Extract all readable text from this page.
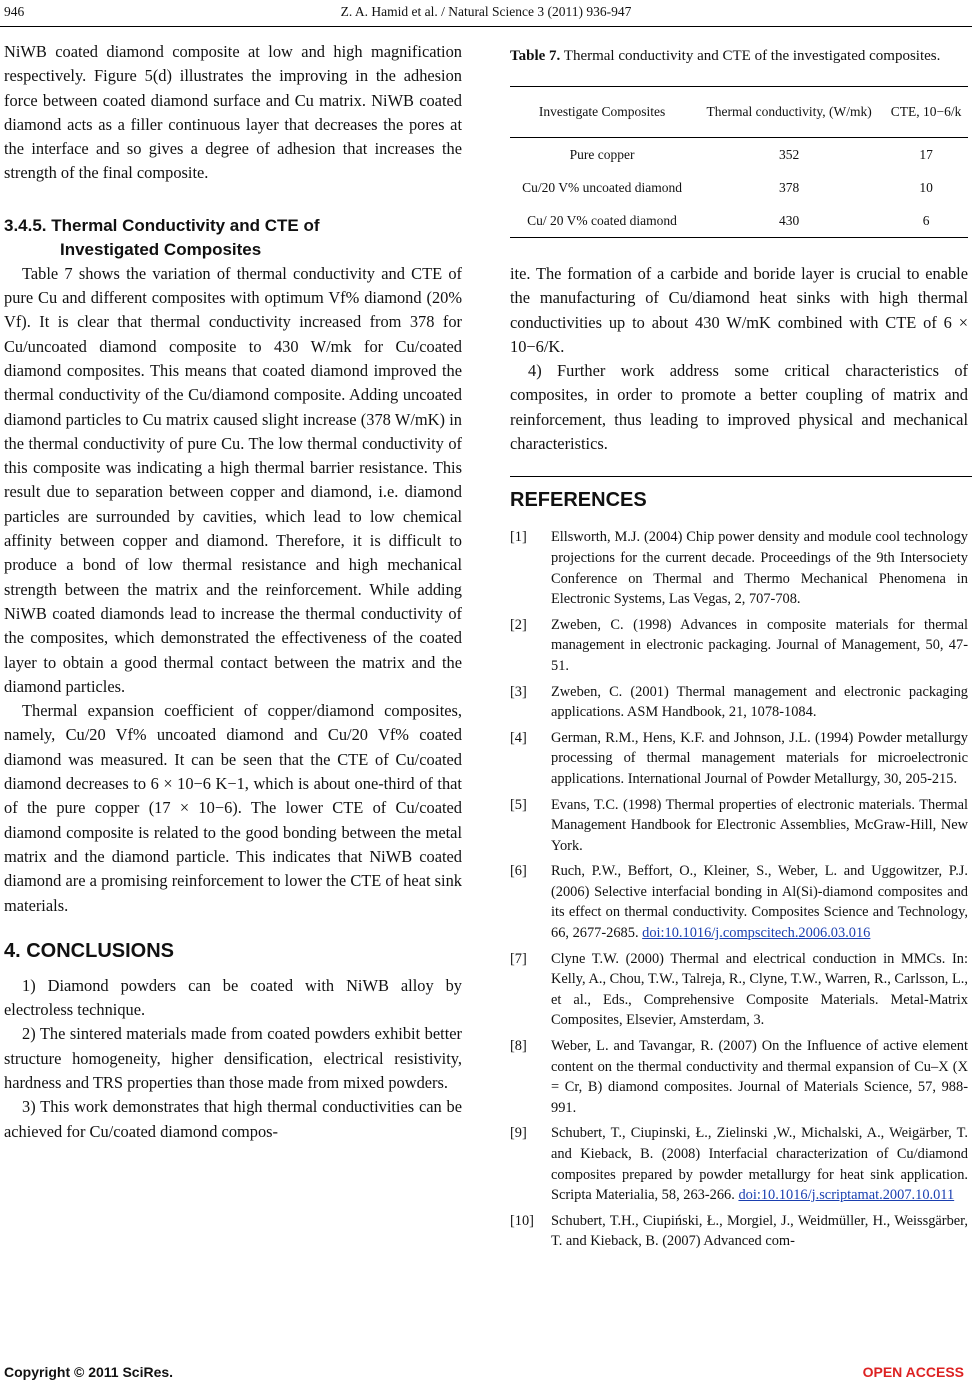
946	Z. A. Hamid et al. / Natural Science 3 (2011) 936-947

NiWB coated diamond composite at low and high magnification respectively. Figure 5(d) illustrates the improving in the adhesion force between coated diamond surface and Cu matrix. NiWB coated diamond acts as a filler continuous layer that decreases the pores at the interface and so gives a degree of adhesion that increases the strength of the final composite.

3.4.5. Thermal Conductivity and CTE of
Investigated Composites

Table 7 shows the variation of thermal conductivity and CTE of pure Cu and different composites with optimum Vf% diamond (20% Vf). It is clear that thermal conductivity increased from 378 for Cu/uncoated diamond composite to 430 W/mk for Cu/coated diamond composites. This means that coated diamond improved the thermal conductivity of the Cu/diamond composite. Adding uncoated diamond particles to Cu matrix caused slight increase (378 W/mK) in the thermal conductivity of pure Cu. The low thermal conductivity of this composite was indicating a high thermal barrier resistance. This result due to separation between copper and diamond, i.e. diamond particles are surrounded by cavities, which lead to low chemical affinity between copper and diamond. Therefore, it is difficult to produce a bond of low thermal resistance and high mechanical strength between the matrix and the reinforcement. While adding NiWB coated diamonds lead to increase the thermal conductivity of the composites, which demonstrated the effectiveness of the coated layer to obtain a good thermal contact between the matrix and the diamond particles.

Thermal expansion coefficient of copper/diamond composites, namely, Cu/20 Vf% uncoated diamond and Cu/20 Vf% coated diamond was measured. It can be seen that the CTE of Cu/coated diamond decreases to 6 × 10−6 K−1, which is about one-third of that of the pure copper (17 × 10−6). The lower CTE of Cu/coated diamond composite is related to the good bonding between the metal matrix and the diamond particle. This indicates that NiWB coated diamond are a promising reinforcement to lower the CTE of heat sink materials.

4. CONCLUSIONS

1) Diamond powders can be coated with NiWB alloy by electroless technique.

2) The sintered materials made from coated powders exhibit better structure homogeneity, higher densification, electrical resistivity, hardness and TRS properties than those made from mixed powders.

3) This work demonstrates that high thermal conductivities can be achieved for Cu/coated diamond compos-

Table 7. Thermal conductivity and CTE of the investigated composites.

Investigate Composites	Thermal conductivity, (W/mk)	CTE, 10−6/k
Pure copper	352	17
Cu/20 V% uncoated diamond	378	10
Cu/ 20 V% coated diamond	430	6

ite. The formation of a carbide and boride layer is crucial to enable the manufacturing of Cu/diamond heat sinks with high thermal conductivities up to about 430 W/mK combined with CTE of 6 × 10−6/K.

4) Further work address some critical characteristics of composites, in order to promote a better coupling of matrix and reinforcement, thus leading to improved physical and mechanical characteristics.

REFERENCES
[1] Ellsworth, M.J. (2004) Chip power density and module cool technology projections for the current decade. Proceedings of the 9th Intersociety Conference on Thermal and Thermo Mechanical Phenomena in Electronic Systems, Las Vegas, 2, 707-708.
[2] Zweben, C. (1998) Advances in composite materials for thermal management in electronic packaging. Journal of Management, 50, 47-51.
[3] Zweben, C. (2001) Thermal management and electronic packaging applications. ASM Handbook, 21, 1078-1084.
[4] German, R.M., Hens, K.F. and Johnson, J.L. (1994) Powder metallurgy processing of thermal management materials for microelectronic applications. International Journal of Powder Metallurgy, 30, 205-215.
[5] Evans, T.C. (1998) Thermal properties of electronic materials. Thermal Management Handbook for Electronic Assemblies, McGraw-Hill, New York.
[6] Ruch, P.W., Beffort, O., Kleiner, S., Weber, L. and Uggowitzer, P.J. (2006) Selective interfacial bonding in Al(Si)-diamond composites and its effect on thermal conductivity. Composites Science and Technology, 66, 2677-2685. doi:10.1016/j.compscitech.2006.03.016
[7] Clyne T.W. (2000) Thermal and electrical conduction in MMCs. In: Kelly, A., Chou, T.W., Talreja, R., Clyne, T.W., Warren, R., Carlsson, L., et al., Eds., Comprehensive Composite Materials. Metal-Matrix Composites, Elsevier, Amsterdam, 3.
[8] Weber, L. and Tavangar, R. (2007) On the Influence of active element content on the thermal conductivity and thermal expansion of Cu–X (X = Cr, B) diamond composites. Journal of Materials Science, 57, 988-991.
[9] Schubert, T., Ciupinski, Ł., Zielinski ,W., Michalski, A., Weigärber, T. and Kieback, B. (2008) Interfacial characterization of Cu/diamond composites prepared by powder metallurgy for heat sink application. Scripta Materialia, 58, 263-266. doi:10.1016/j.scriptamat.2007.10.011
[10] Schubert, T.H., Ciupiński, Ł., Morgiel, J., Weidmüller, H., Weissgärber, T. and Kieback, B. (2007) Advanced com-
Copyright © 2011 SciRes.	OPEN ACCESS
